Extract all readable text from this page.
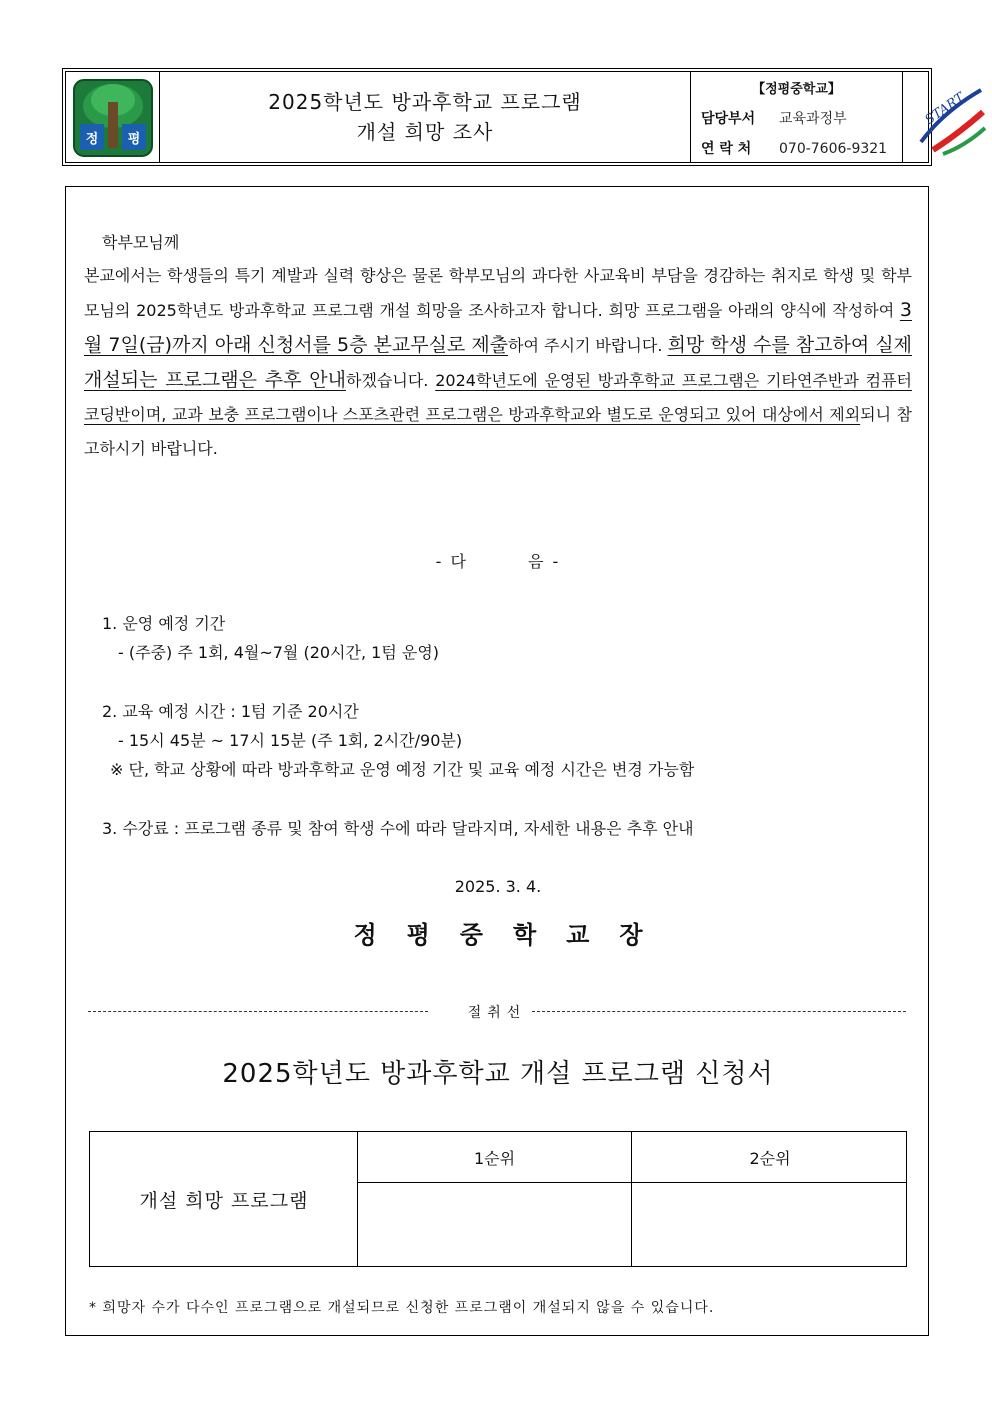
정 평
2025학년도 방과후학교 프로그램
개설 희망 조사
【정평중학교】
담당부서 교육과정부
연 락 처 070-7606-9321
START
학부모님께
본교에서는 학생들의 특기 계발과 실력 향상은 물론 학부모님의 과다한 사교육비 부담을 경감하는 취지로 학생 및 학부모님의 2025학년도 방과후학교 프로그램 개설 희망을 조사하고자 합니다. 희망 프로그램을 아래의 양식에 작성하여 3월 7일(금)까지 아래 신청서를 5층 본교무실로 제출하여 주시기 바랍니다. 희망 학생 수를 참고하여 실제 개설되는 프로그램은 추후 안내하겠습니다. 2024학년도에 운영된 방과후학교 프로그램은 기타연주반과 컴퓨터 코딩반이며, 교과 보충 프로그램이나 스포츠관련 프로그램은 방과후학교와 별도로 운영되고 있어 대상에서 제외되니 참고하시기 바랍니다.
- 다	음 -
1. 운영 예정 기간
- (주중) 주 1회, 4월~7월 (20시간, 1텀 운영)
2. 교육 예정 시간 : 1텀 기준 20시간
- 15시 45분 ~ 17시 15분 (주 1회, 2시간/90분)
※ 단, 학교 상황에 따라 방과후학교 운영 예정 기간 및 교육 예정 시간은 변경 가능함
3. 수강료 : 프로그램 종류 및 참여 학생 수에 따라 달라지며, 자세한 내용은 추후 안내
2025. 3. 4.
정평중학교장
절취선
2025학년도 방과후학교 개설 프로그램 신청서
개설 희망 프로그램
1순위	2순위
* 희망자 수가 다수인 프로그램으로 개설되므로 신청한 프로그램이 개설되지 않을 수 있습니다.
